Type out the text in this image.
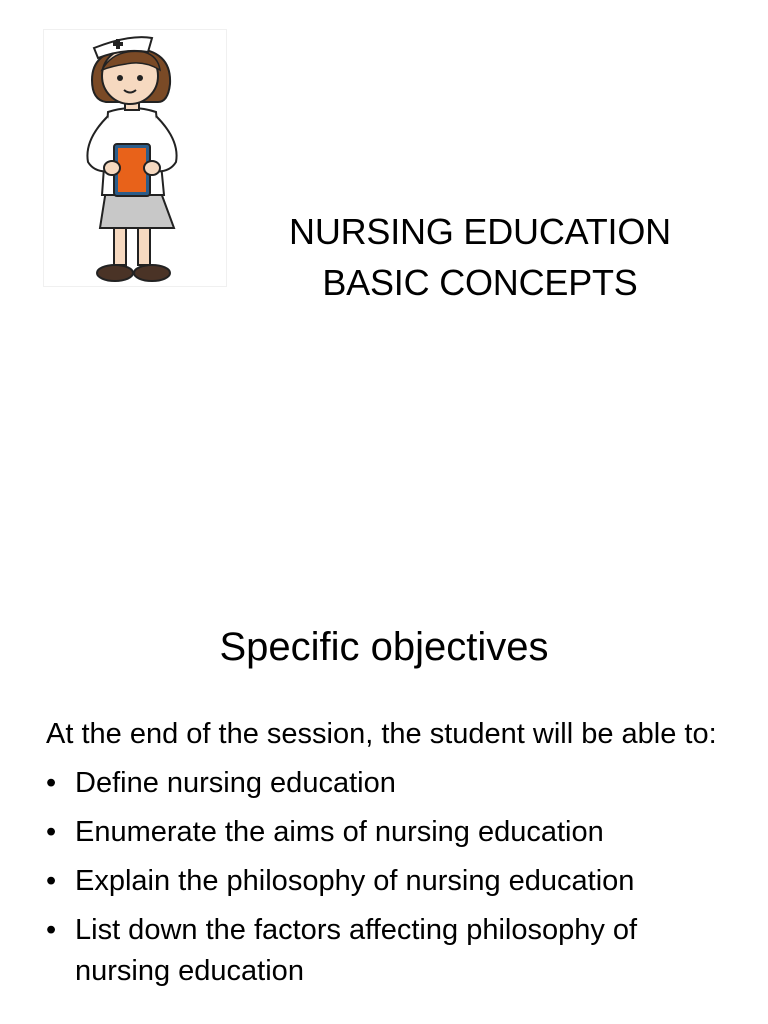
NURSING EDUCATION
BASIC CONCEPTS
Specific objectives

At the end of the session, the student will be able to:

• Define nursing education
• Enumerate the aims of nursing education
• Explain the philosophy of nursing education
• List down the factors affecting philosophy of nursing education
